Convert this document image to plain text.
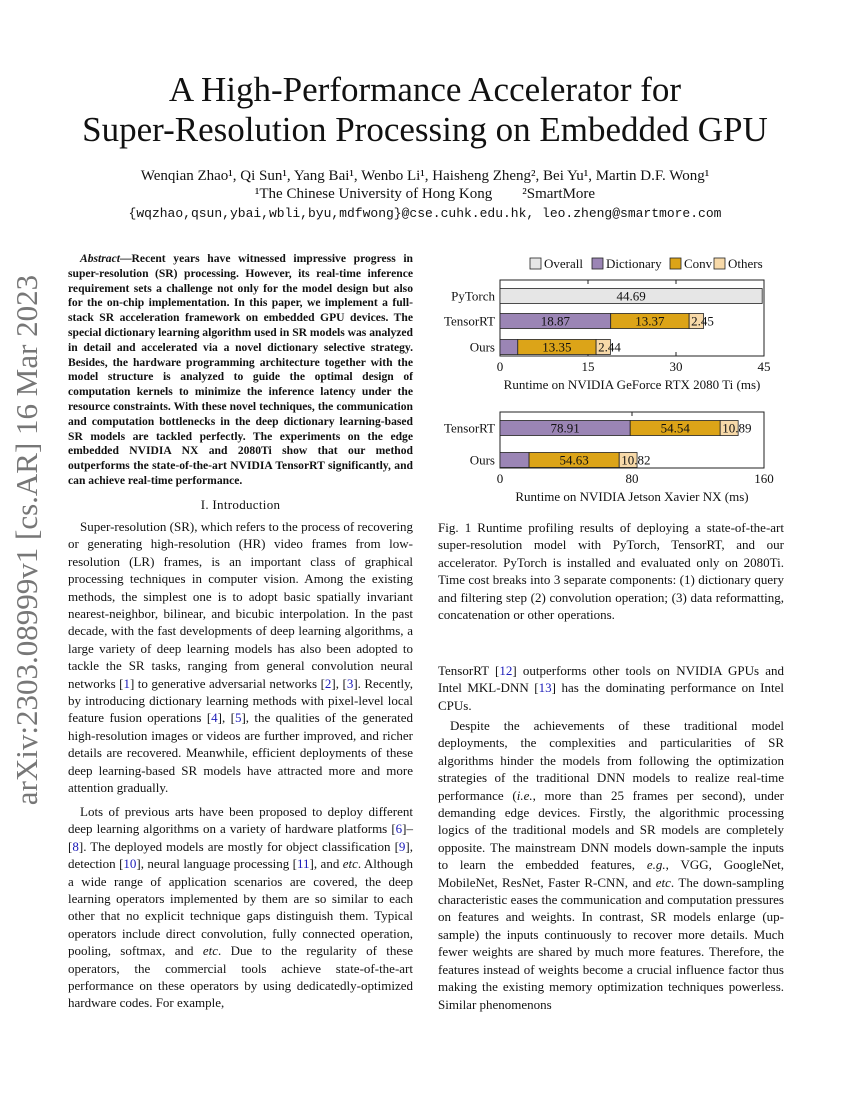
arXiv:2303.08999v1 [cs.AR] 16 Mar 2023
A High-Performance Accelerator for
Super-Resolution Processing on Embedded GPU
Wenqian Zhao¹, Qi Sun¹, Yang Bai¹, Wenbo Li¹, Haisheng Zheng², Bei Yu¹, Martin D.F. Wong¹
¹The Chinese University of Hong Kong        ²SmartMore
{wqzhao,qsun,ybai,wbli,byu,mdfwong}@cse.cuhk.edu.hk, leo.zheng@smartmore.com
Abstract—Recent years have witnessed impressive progress in super-resolution (SR) processing. However, its real-time inference requirement sets a challenge not only for the model design but also for the on-chip implementation. In this paper, we implement a full-stack SR acceleration framework on embedded GPU devices. The special dictionary learning algorithm used in SR models was analyzed in detail and accelerated via a novel dictionary selective strategy. Besides, the hardware programming architecture together with the model structure is analyzed to guide the optimal design of computation kernels to minimize the inference latency under the resource constraints. With these novel techniques, the communication and computation bottlenecks in the deep dictionary learning-based SR models are tackled perfectly. The experiments on the edge embedded NVIDIA NX and 2080Ti show that our method outperforms the state-of-the-art NVIDIA TensorRT significantly, and can achieve real-time performance.
I. Introduction

Super-resolution (SR), which refers to the process of recovering or generating high-resolution (HR) video frames from low-resolution (LR) frames, is an important class of graphical processing techniques in computer vision. Among the existing methods, the simplest one is to adopt basic spatially invariant nearest-neighbor, bilinear, and bicubic interpolation. In the past decade, with the fast developments of deep learning algorithms, a large variety of deep learning models has also been adopted to tackle the SR tasks, ranging from general convolution neural networks [1] to generative adversarial networks [2], [3]. Recently, by introducing dictionary learning methods with pixel-level local feature fusion operations [4], [5], the qualities of the generated high-resolution images or videos are further improved, and richer details are recovered. Meanwhile, efficient deployments of these deep learning-based SR models have attracted more and more attention gradually.

Lots of previous arts have been proposed to deploy different deep learning algorithms on a variety of hardware platforms [6]–[8]. The deployed models are mostly for object classification [9], detection [10], neural language processing [11], and etc. Although a wide range of application scenarios are covered, the deep learning operators implemented by them are so similar to each other that no explicit technique gaps distinguish them. Typical operators include direct convolution, fully connected operation, pooling, softmax, and etc. Due to the regularity of these operators, the commercial tools achieve state-of-the-art performance on these operators by using dedicatedly-optimized hardware codes. For example,

Overall Dictionary Conv Others
0	15	30	45
Runtime on NVIDIA GeForce RTX 2080 Ti (ms)
PyTorch	44.69
TensorRT	18.87	13.37 2.45
Ours	13.35 2.44
0	80	160
Runtime on NVIDIA Jetson Xavier NX (ms)
TensorRT	78.91	54.54 10.89
Ours	54.63 10.82
Fig. 1 Runtime profiling results of deploying a state-of-the-art super-resolution model with PyTorch, TensorRT, and our accelerator. PyTorch is installed and evaluated only on 2080Ti. Time cost breaks into 3 separate components: (1) dictionary query and filtering step (2) convolution operation; (3) data reformatting, concatenation or other operations.

TensorRT [12] outperforms other tools on NVIDIA GPUs and Intel MKL-DNN [13] has the dominating performance on Intel CPUs.

Despite the achievements of these traditional model deployments, the complexities and particularities of SR algorithms hinder the models from following the optimization strategies of the traditional DNN models to realize real-time performance (i.e., more than 25 frames per second), under demanding edge devices. Firstly, the algorithmic processing logics of the traditional models and SR models are completely opposite. The mainstream DNN models down-sample the inputs to learn the embedded features, e.g., VGG, GoogleNet, MobileNet, ResNet, Faster R-CNN, and etc. The down-sampling characteristic eases the communication and computation pressures on features and weights. In contrast, SR models enlarge (up-sample) the inputs continuously to recover more details. Much fewer weights are shared by much more features. Therefore, the features instead of weights become a crucial influence factor thus making the existing memory optimization techniques powerless. Similar phenomenons
